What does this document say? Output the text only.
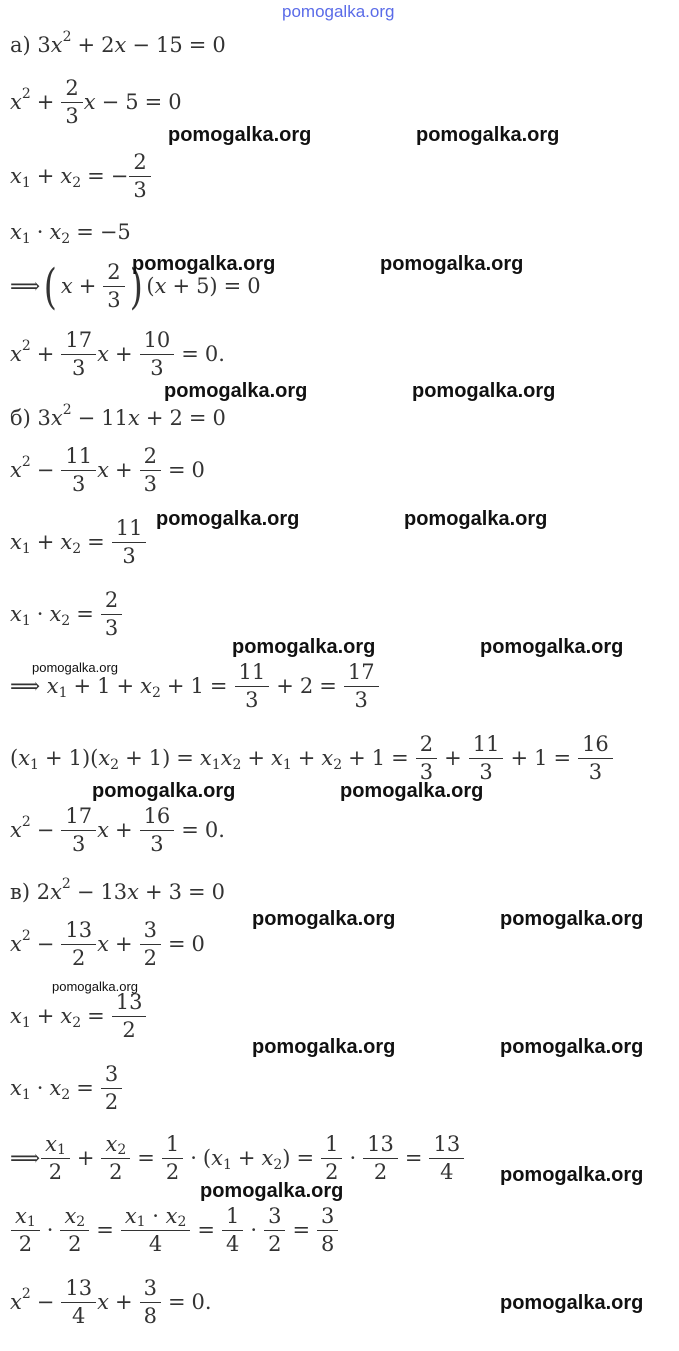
pomogalka.org
а) 3 x 2 + 2 x − 15 = 0
x $2 + \frac{2}{3}$ x − 5 = 0
x 1 + x 2 = − $\frac{2}{3}$
x 1 · x 2 = −5
⟹ ( $x + \frac{2}{3}$ ) ( x + 5) = 0
x $2 + \frac{17}{3}$ $x + \frac{10}{3} = 0$.
б) 3 x 2 − 11 x + 2 = 0
x $2 - \frac{11}{3}$ $x + \frac{2}{3} = 0$
x 1 + x $2 = \frac{11}{3}$
x 1 · x $2 = \frac{2}{3}$
⟹ x 1 + 1 + x $2 + 1 = \frac{11}{3} + 2 = \frac{17}{3}$
( x 1 + 1)( x 2 + 1) = x 1 x 2 + x 1 + x $2 + 1 = \frac{2}{3} + \frac{11}{3} + 1 = \frac{16}{3}$
x $2 - \frac{17}{3}$ $x + \frac{16}{3} = 0$.
в) 2 x 2 − 13 x + 3 = 0
x $2 - \frac{13}{2}$ $x + \frac{3}{2} = 0$
x 1 + x $2 = \frac{13}{2}$
x 1 · x $2 = \frac{3}{2}$
⟹ $\frac{x1}{2} + \frac{x2}{2} = \frac{1}{2}$ · ( x 1 + x 2 ) = $\frac{1}{2} \cdot \frac{13}{2} = \frac{13}{4}$
$\frac{x1}{2} \cdot \frac{x2}{2} = \frac{x1 \cdot x2}{4} = \frac{1}{4} \cdot \frac{3}{2} = \frac{3}{8}$
x $2 - \frac{13}{4}$ $x + \frac{3}{8} = 0$.
pomogalka.org	pomogalka.org
pomogalka.org	pomogalka.org
pomogalka.org	pomogalka.org
pomogalka.org	pomogalka.org
pomogalka.org	pomogalka.org
pomogalka.org
pomogalka.org	pomogalka.org
pomogalka.org	pomogalka.org
pomogalka.org
pomogalka.org	pomogalka.org
pomogalka.org
pomogalka.org
pomogalka.org
